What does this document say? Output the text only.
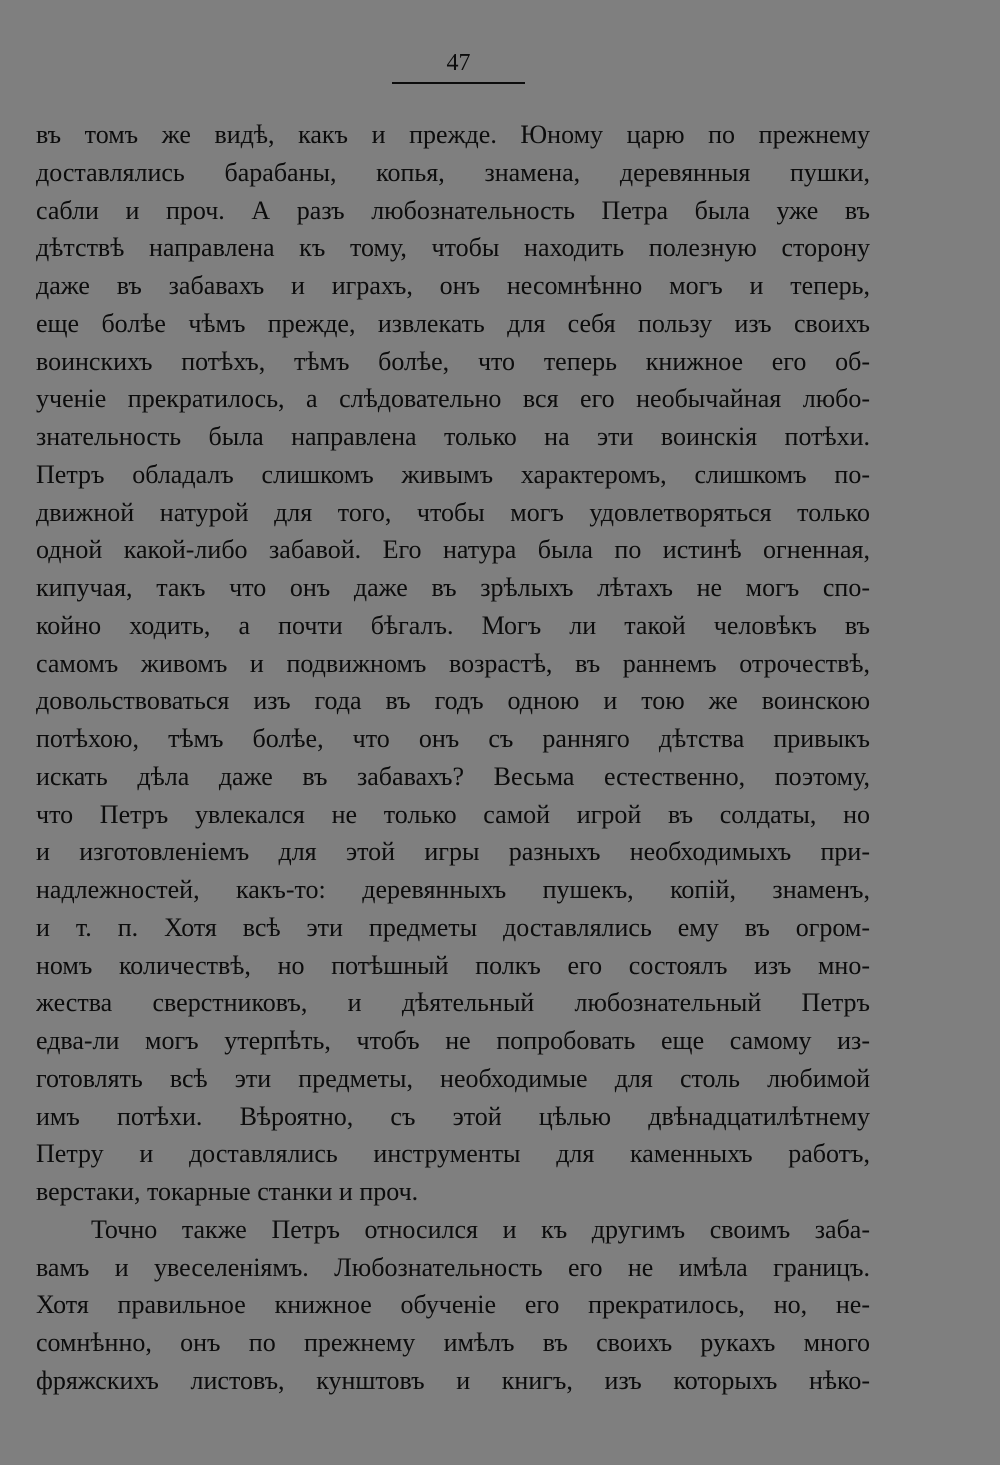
47
въ томъ же видѣ, какъ и прежде. Юному царю по прежнему
доставлялись барабаны, копья, знамена, деревянныя пушки,
сабли и проч. А разъ любознательность Петра была уже въ
дѣтствѣ направлена къ тому, чтобы находить полезную сторону
даже въ забавахъ и играхъ, онъ несомнѣнно могъ и теперь,
еще болѣе чѣмъ прежде, извлекать для себя пользу изъ своихъ
воинскихъ потѣхъ, тѣмъ болѣе, что теперь книжное его об-
ученіе прекратилось, а слѣдовательно вся его необычайная любо-
знательность была направлена только на эти воинскія потѣхи.
Петръ обладалъ слишкомъ живымъ характеромъ, слишкомъ по-
движной натурой для того, чтобы могъ удовлетворяться только
одной какой-либо забавой. Его натура была по истинѣ огненная,
кипучая, такъ что онъ даже въ зрѣлыхъ лѣтахъ не могъ спо-
койно ходить, а почти бѣгалъ. Могъ ли такой человѣкъ въ
самомъ живомъ и подвижномъ возрастѣ, въ раннемъ отрочествѣ,
довольствоваться изъ года въ годъ одною и тою же воинскою
потѣхою, тѣмъ болѣе, что онъ съ ранняго дѣтства привыкъ
искать дѣла даже въ забавахъ? Весьма естественно, поэтому,
что Петръ увлекался не только самой игрой въ солдаты, но
и изготовленіемъ для этой игры разныхъ необходимыхъ при-
надлежностей, какъ-то: деревянныхъ пушекъ, копій, знаменъ,
и т. п. Хотя всѣ эти предметы доставлялись ему въ огром-
номъ количествѣ, но потѣшный полкъ его состоялъ изъ мно-
жества сверстниковъ, и дѣятельный любознательный Петръ
едва-ли могъ утерпѣть, чтобъ не попробовать еще самому из-
готовлять всѣ эти предметы, необходимые для столь любимой
имъ потѣхи. Вѣроятно, съ этой цѣлью двѣнадцатилѣтнему
Петру и доставлялись инструменты для каменныхъ работъ,
верстаки, токарные станки и проч.
Точно также Петръ относился и къ другимъ своимъ заба-
вамъ и увеселеніямъ. Любознательность его не имѣла границъ.
Хотя правильное книжное обученіе его прекратилось, но, не-
сомнѣнно, онъ по прежнему имѣлъ въ своихъ рукахъ много
фряжскихъ листовъ, кунштовъ и книгъ, изъ которыхъ нѣко-
